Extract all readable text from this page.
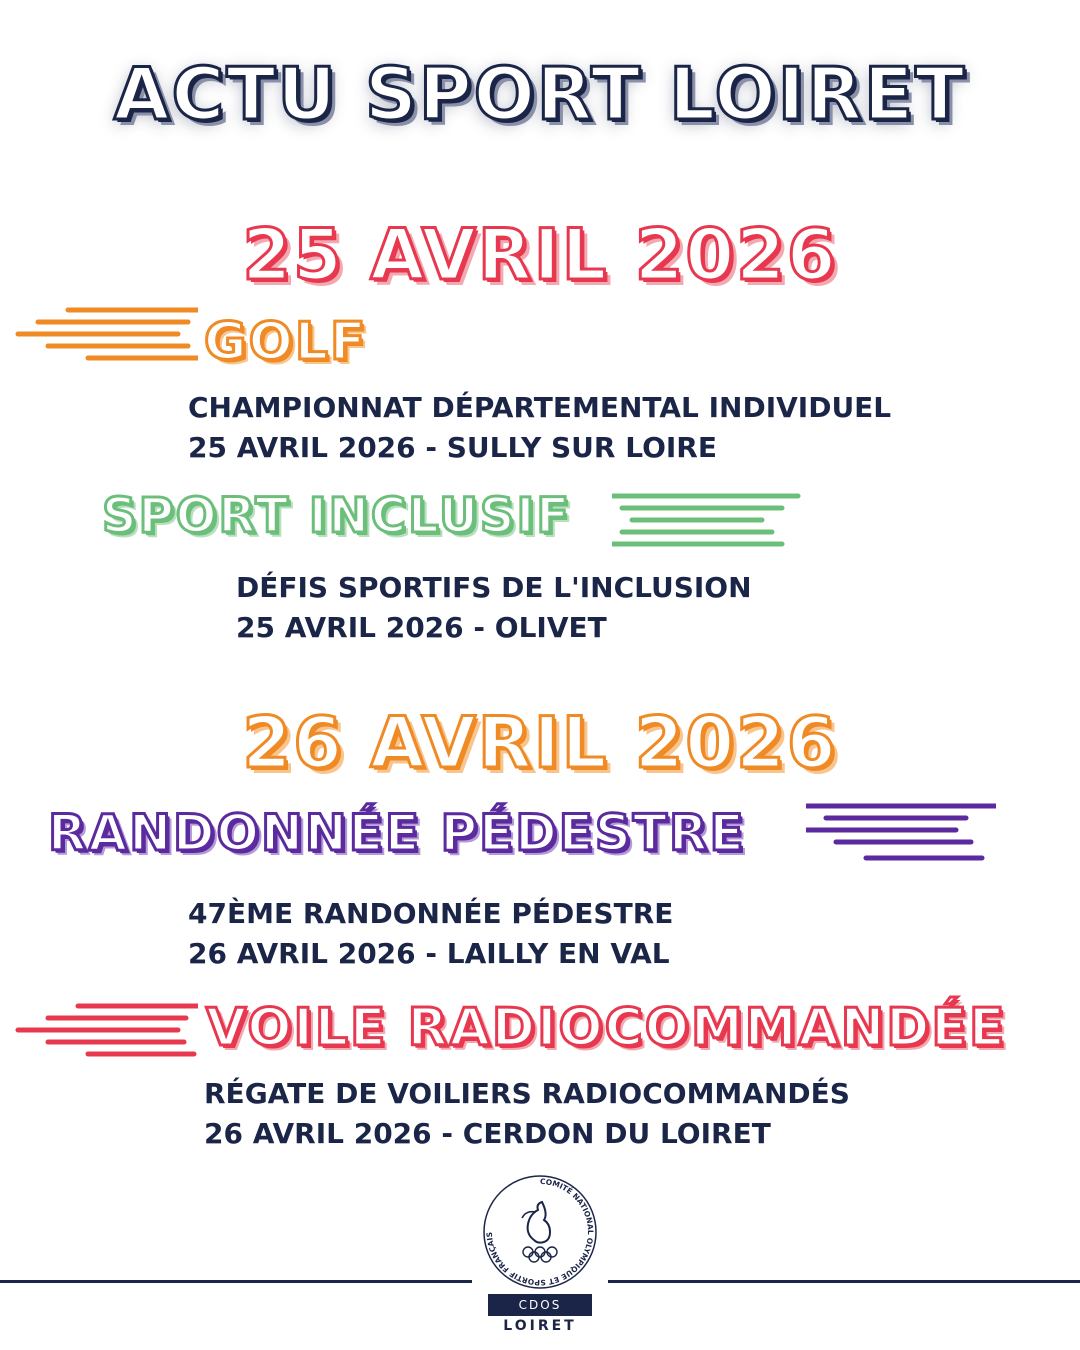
ACTU SPORT LOIRET
25 AVRIL 2026
GOLF
CHAMPIONNAT DÉPARTEMENTAL INDIVIDUEL
25 AVRIL 2026 - SULLY SUR LOIRE
SPORT INCLUSIF
DÉFIS SPORTIFS DE L'INCLUSION
25 AVRIL 2026 - OLIVET
26 AVRIL 2026
RANDONNÉE PÉDESTRE
47ÈME RANDONNÉE PÉDESTRE
26 AVRIL 2026 - LAILLY EN VAL
VOILE RADIOCOMMANDÉE
RÉGATE DE VOILIERS RADIOCOMMANDÉS
26 AVRIL 2026 - CERDON DU LOIRET
COMITÉ NATIONAL OLYMPIQUE ET SPORTIF FRANÇAIS
CDOS
LOIRET
